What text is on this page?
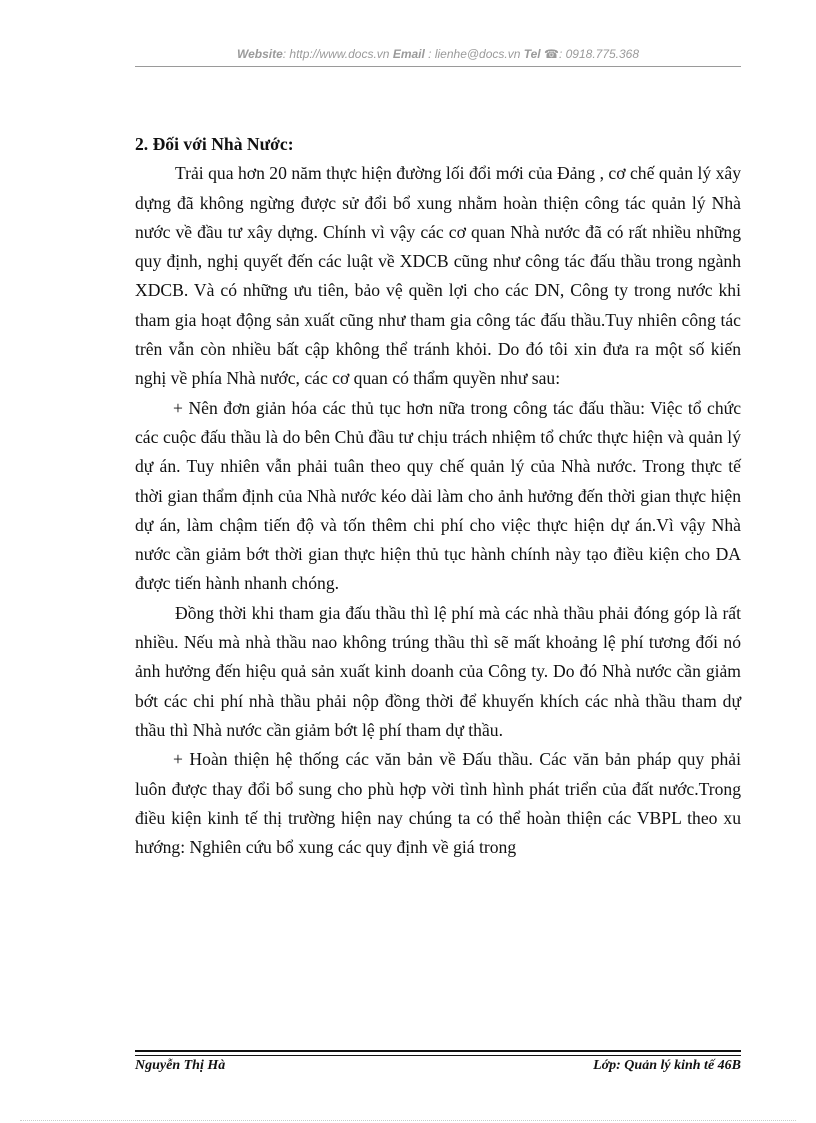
Website: http://www.docs.vn Email : lienhe@docs.vn Tel ☎: 0918.775.368

2. Đối với Nhà Nước:

Trải qua hơn 20 năm thực hiện đường lối đổi mới của Đảng , cơ chế quản lý xây dựng đã không ngừng được sử đổi bổ xung nhằm hoàn thiện công tác quản lý Nhà nước về đầu tư xây dựng. Chính vì vậy các cơ quan Nhà nước đã có rất nhiều những quy định, nghị quyết đến các luật về XDCB cũng như công tác đấu thầu trong ngành XDCB. Và có những ưu tiên, bảo vệ quền lợi cho các DN, Công ty trong nước khi tham gia hoạt động sản xuất cũng như tham gia công tác đấu thầu.Tuy nhiên công tác trên vẫn còn nhiều bất cập không thể tránh khỏi. Do đó tôi xin đưa ra một số kiến nghị về phía Nhà nước, các cơ quan có thẩm quyền như sau:

+ Nên đơn giản hóa các thủ tục hơn nữa trong công tác đấu thầu: Việc tổ chức các cuộc đấu thầu là do bên Chủ đầu tư chịu trách nhiệm tổ chức thực hiện và quản lý dự án. Tuy nhiên vẫn phải tuân theo quy chế quản lý của Nhà nước. Trong thực tế thời gian thẩm định của Nhà nước kéo dài làm cho ảnh hưởng đến thời gian thực hiện dự án, làm chậm tiến độ và tốn thêm chi phí cho việc thực hiện dự án.Vì vậy Nhà nước cần giảm bớt thời gian thực hiện thủ tục hành chính này tạo điều kiện cho DA được tiến hành nhanh chóng.

Đồng thời khi tham gia đấu thầu thì lệ phí mà các nhà thầu phải đóng góp là rất nhiều. Nếu mà nhà thầu nao không trúng thầu thì sẽ mất khoảng lệ phí tương đối nó ảnh hưởng đến hiệu quả sản xuất kinh doanh của Công ty. Do đó Nhà nước cần giảm bớt các chi phí nhà thầu phải nộp đồng thời để khuyến khích các nhà thầu tham dự thầu thì Nhà nước cần giảm bớt lệ phí tham dự thầu.

+ Hoàn thiện hệ thống các văn bản về Đấu thầu. Các văn bản pháp quy phải luôn được thay đổi bổ sung cho phù hợp vời tình hình phát triển của đất nước.Trong điều kiện kinh tế thị trường hiện nay chúng ta có thể hoàn thiện các VBPL theo xu hướng: Nghiên cứu bổ xung các quy định về giá trong

Nguyễn Thị Hà	Lớp: Quản lý kinh tế 46B
